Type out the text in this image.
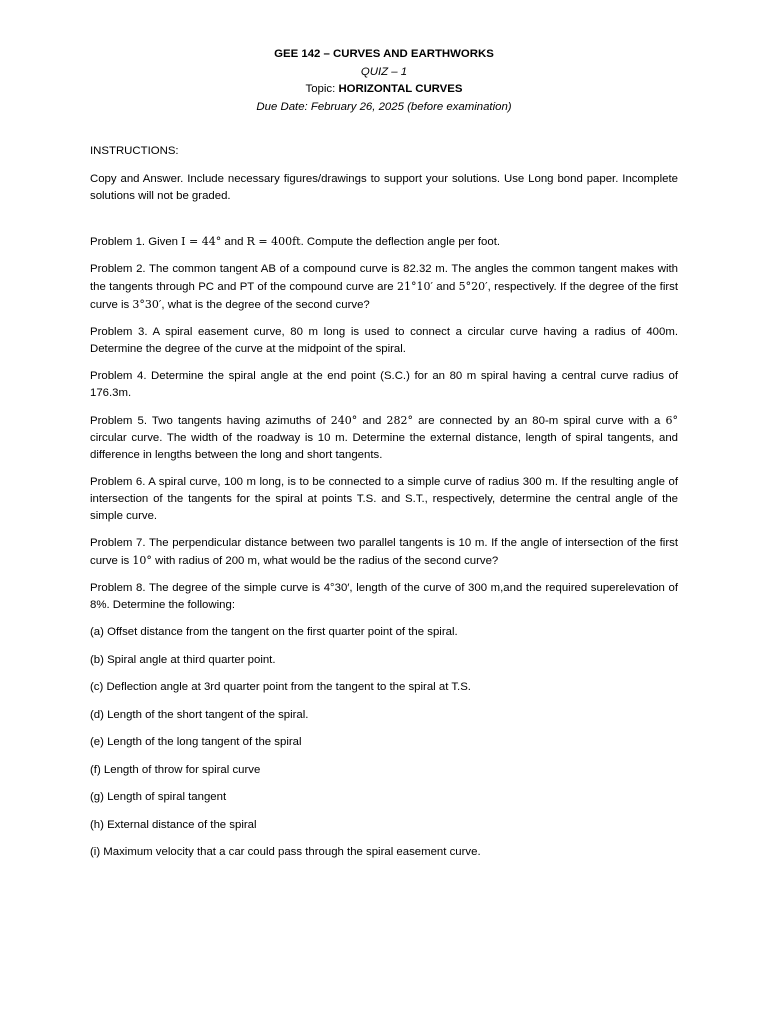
GEE 142 – CURVES AND EARTHWORKS
QUIZ – 1
Topic: HORIZONTAL CURVES
Due Date: February 26, 2025 (before examination)
INSTRUCTIONS:
Copy and Answer. Include necessary figures/drawings to support your solutions. Use Long bond paper. Incomplete solutions will not be graded.

Problem 1. Given I = 44° and R = 400ft. Compute the deflection angle per foot.

Problem 2. The common tangent AB of a compound curve is 82.32 m. The angles the common tangent makes with the tangents through PC and PT of the compound curve are 21°10′ and 5°20′, respectively. If the degree of the first curve is 3°30′, what is the degree of the second curve?

Problem 3. A spiral easement curve, 80 m long is used to connect a circular curve having a radius of 400m. Determine the degree of the curve at the midpoint of the spiral.

Problem 4. Determine the spiral angle at the end point (S.C.) for an 80 m spiral having a central curve radius of 176.3m.

Problem 5. Two tangents having azimuths of 240° and 282° are connected by an 80-m spiral curve with a 6° circular curve. The width of the roadway is 10 m. Determine the external distance, length of spiral tangents, and difference in lengths between the long and short tangents.

Problem 6. A spiral curve, 100 m long, is to be connected to a simple curve of radius 300 m. If the resulting angle of intersection of the tangents for the spiral at points T.S. and S.T., respectively, determine the central angle of the simple curve.

Problem 7. The perpendicular distance between two parallel tangents is 10 m. If the angle of intersection of the first curve is 10° with radius of 200 m, what would be the radius of the second curve?

Problem 8. The degree of the simple curve is 4°30′, length of the curve of 300 m,and the required superelevation of 8%. Determine the following:

(a) Offset distance from the tangent on the first quarter point of the spiral.
(b) Spiral angle at third quarter point.
(c) Deflection angle at 3rd quarter point from the tangent to the spiral at T.S.
(d) Length of the short tangent of the spiral.
(e) Length of the long tangent of the spiral
(f) Length of throw for spiral curve
(g) Length of spiral tangent
(h) External distance of the spiral
(i) Maximum velocity that a car could pass through the spiral easement curve.
